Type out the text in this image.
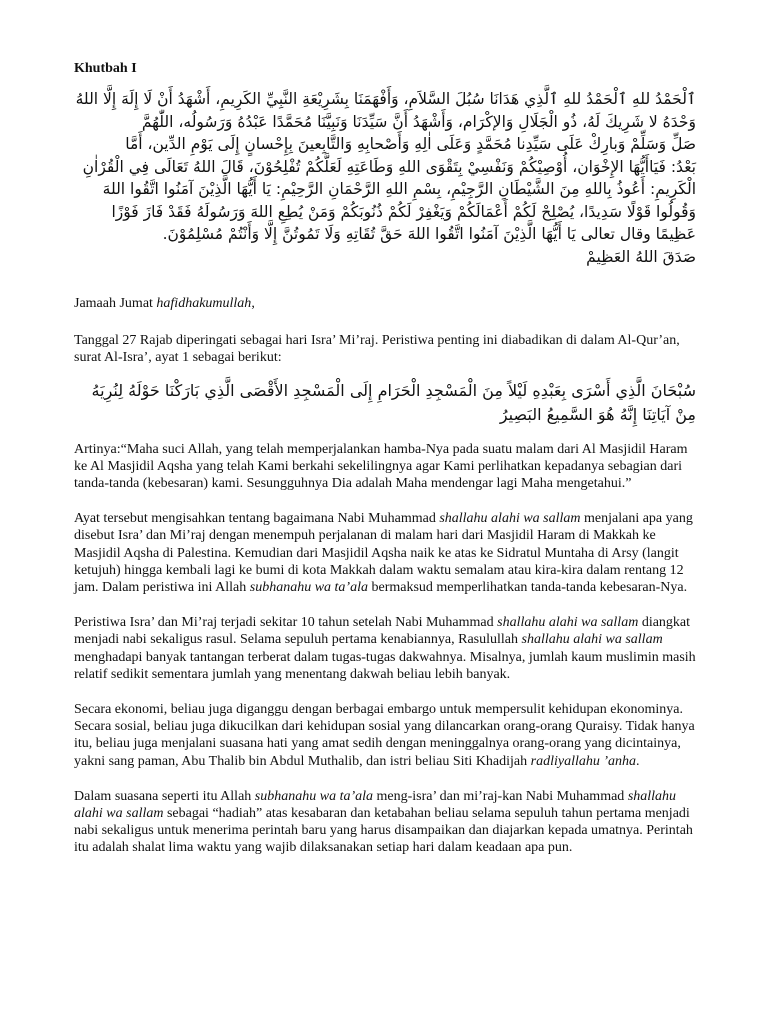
Khutbah I

ٱلْحَمْدُ للهِ ٱلْحَمْدُ للهِ ٱلَّذِي هَدَانَا سُبُلَ السَّلاَمِ، وَأَفْهَمَنَا بِشَرِيْعَةِ النَّبِيِّ الكَرِيمِ، أَشْهَدُ أَنْ لَا إِلَهَ إِلَّا اللهُ

وَحْدَهُ لا شَرِيكَ لَهُ، ذُو الْجَلَالِ وَالإكْرَام، وَأَشْهَدُ أَنَّ سَيِّدَنَا وَنَبِيَّنَا مُحَمَّدًا عَبْدُهُ وَرَسُولُه، اللّٰهُمَّ

صَلِّ وَسَلِّمْ وَبارِكْ عَلَى سَيِّدِنا مُحَمَّدٍ وَعَلَى اٰلِهِ وَأَصْحابِهِ وَالتَّابِعينَ بِإِحْسانٍ إِلَى يَوْمِ الدِّين، أَمَّا

بَعْدُ: فَيَاأَيُّهَا الإِخْوَان، أُوْصِيْكُمْ وَنَفْسِيْ بِتَقْوَى اللهِ وَطَاعَتِهِ لَعَلَّكُمْ تُفْلِحُوْنَ، قَالَ اللهُ تَعَالَى فِي الْقُرْاٰنِ

الْكَرِيمِ: أَعُوذُ بِاللهِ مِنَ الشَّيْطَانِ الرَّجِيْمِ، بِسْمِ اللهِ الرَّحْمَانِ الرَّحِيْمِ: يَا أَيُّهَا الَّذِيْنَ آمَنُوا اتَّقُوا اللهَ

وَقُولُوا قَوْلًا سَدِيدًا، يُصْلِحْ لَكُمْ أَعْمَالَكُمْ وَيَغْفِرْ لَكُمْ ذُنُوبَكُمْ وَمَنْ يُطِعِ اللهَ وَرَسُولَهُ فَقَدْ فَازَ فَوْزًا

عَظِيمًا وقال تعالى يَا أَيُّهَا الَّذِيْنَ آمَنُوا اتَّقُوا اللهَ حَقَّ تُقَاتِهِ وَلَا تَمُوتُنَّ إِلَّا وَأَنْتُمْ مُسْلِمُوْنَ.

صَدَقَ اللهُ العَظِيمْ

Jamaah Jumat hafidhakumullah,

Tanggal 27 Rajab diperingati sebagai hari Isra’ Mi’raj. Peristiwa penting ini diabadikan di dalam Al-Qur’an, surat Al-Isra’, ayat 1 sebagai berikut:

سُبْحَانَ الَّذِي أَسْرَى بِعَبْدِهِ لَيْلاً مِنَ الْمَسْجِدِ الْحَرَامِ إِلَى الْمَسْجِدِ الأَقْصَى الَّذِي بَارَكْنَا حَوْلَهُ لِنُرِيَهُ

مِنْ آيَاتِنَا إِنَّهُ هُوَ السَّمِيعُ البَصِيرُ

Artinya:“Maha suci Allah, yang telah memperjalankan hamba-Nya pada suatu malam dari Al Masjidil Haram ke Al Masjidil Aqsha yang telah Kami berkahi sekelilingnya agar Kami perlihatkan kepadanya sebagian dari tanda-tanda (kebesaran) kami. Sesungguhnya Dia adalah Maha mendengar lagi Maha mengetahui.”

Ayat tersebut mengisahkan tentang bagaimana Nabi Muhammad shallahu alahi wa sallam menjalani apa yang disebut Isra’ dan Mi’raj dengan menempuh perjalanan di malam hari dari Masjidil Haram di Makkah ke Masjidil Aqsha di Palestina. Kemudian dari Masjidil Aqsha naik ke atas ke Sidratul Muntaha di Arsy (langit ketujuh) hingga kembali lagi ke bumi di kota Makkah dalam waktu semalam atau kira-kira dalam rentang 12 jam. Dalam peristiwa ini Allah subhanahu wa ta’ala bermaksud memperlihatkan tanda-tanda kebesaran-Nya.

Peristiwa Isra’ dan Mi’raj terjadi sekitar 10 tahun setelah Nabi Muhammad shallahu alahi wa sallam diangkat menjadi nabi sekaligus rasul. Selama sepuluh pertama kenabiannya, Rasulullah shallahu alahi wa sallam menghadapi banyak tantangan terberat dalam tugas-tugas dakwahnya. Misalnya, jumlah kaum muslimin masih relatif sedikit sementara jumlah yang menentang dakwah beliau lebih banyak.

Secara ekonomi, beliau juga diganggu dengan berbagai embargo untuk mempersulit kehidupan ekonominya. Secara sosial, beliau juga dikucilkan dari kehidupan sosial yang dilancarkan orang-orang Quraisy. Tidak hanya itu, beliau juga menjalani suasana hati yang amat sedih dengan meninggalnya orang-orang yang dicintainya, yakni sang paman, Abu Thalib bin Abdul Muthalib, dan istri beliau Siti Khadijah radliyallahu ’anha.

Dalam suasana seperti itu Allah subhanahu wa ta’ala meng-isra’ dan mi’raj-kan Nabi Muhammad shallahu alahi wa sallam sebagai “hadiah” atas kesabaran dan ketabahan beliau selama sepuluh tahun pertama menjadi nabi sekaligus untuk menerima perintah baru yang harus disampaikan dan diajarkan kepada umatnya. Perintah itu adalah shalat lima waktu yang wajib dilaksanakan setiap hari dalam keadaan apa pun.
